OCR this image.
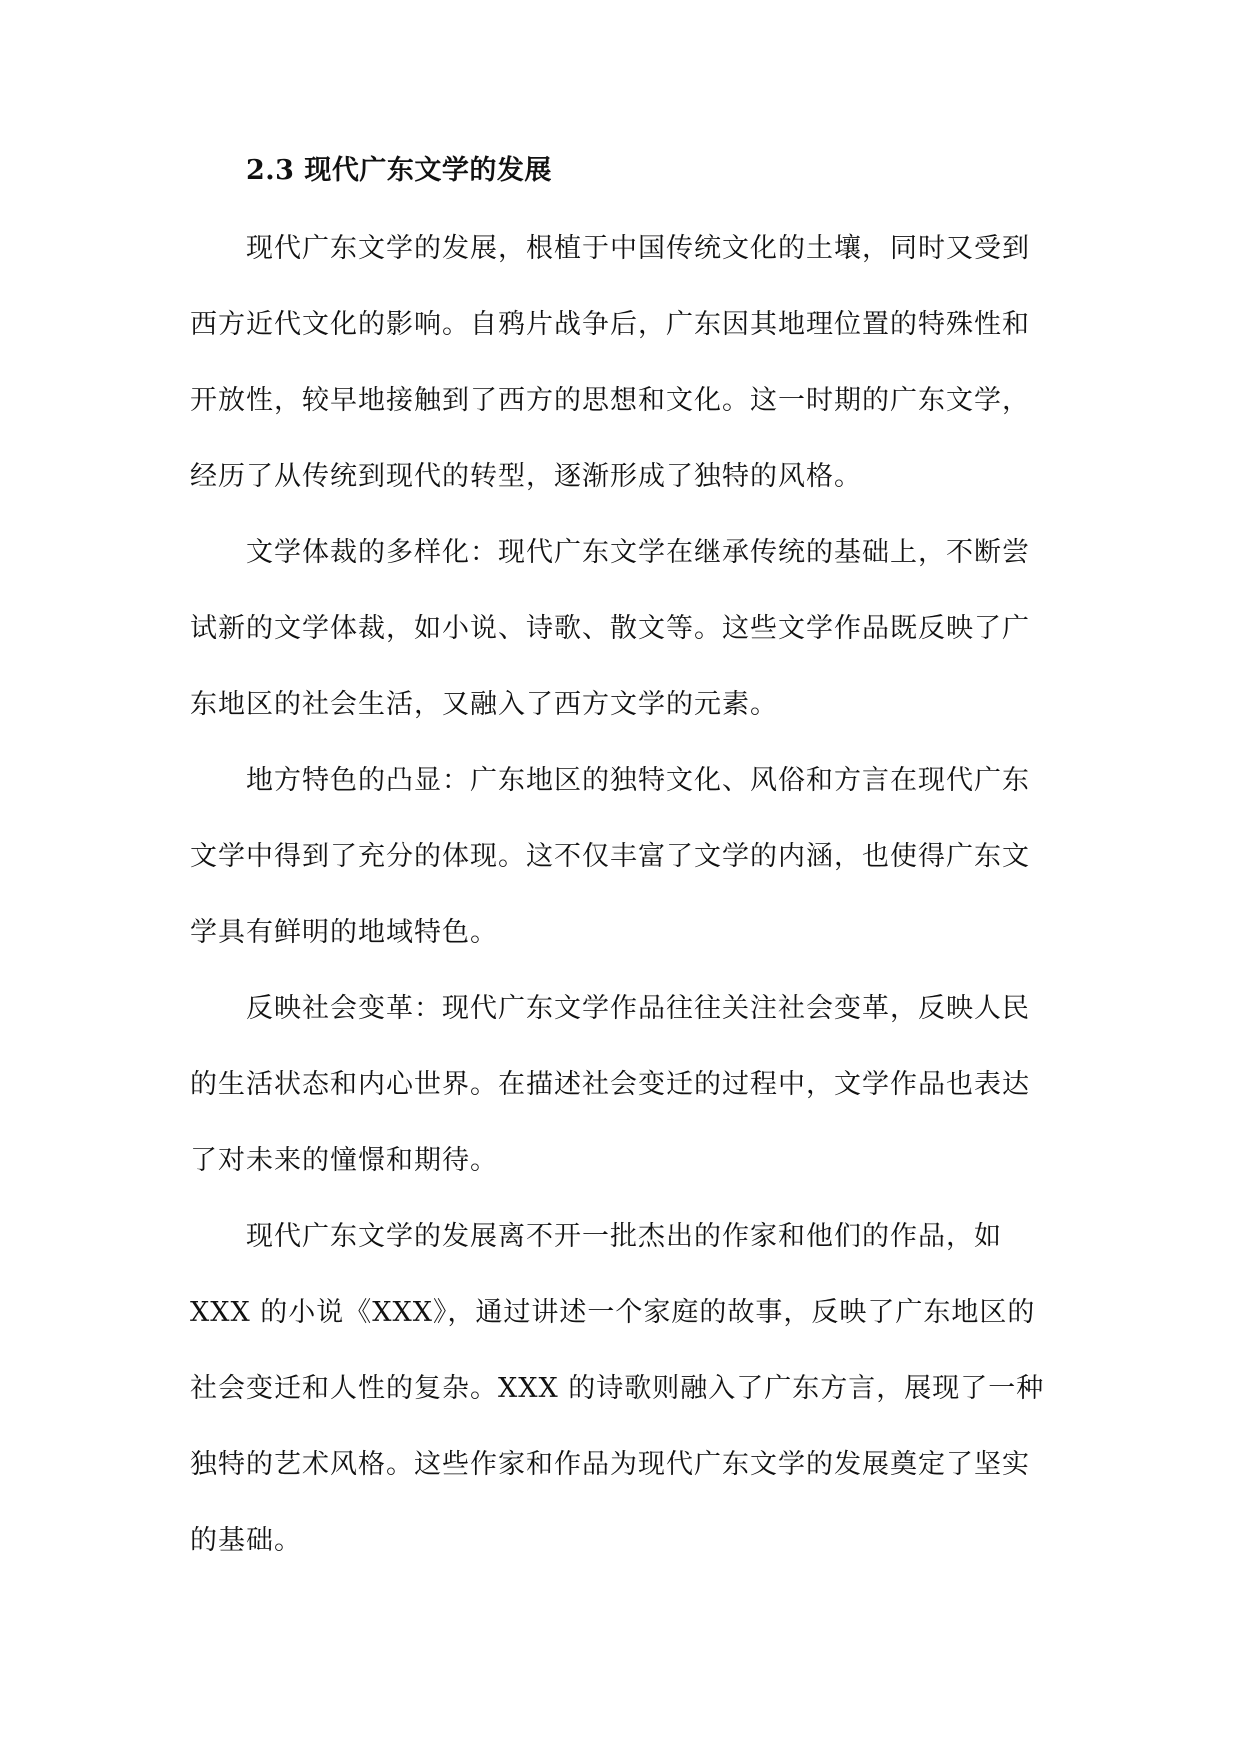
2.3 现代广东文学的发展
现代广东文学的发展，根植于中国传统文化的土壤，同时又受到
西方近代文化的影响。自鸦片战争后，广东因其地理位置的特殊性和
开放性，较早地接触到了西方的思想和文化。这一时期的广东文学，
经历了从传统到现代的转型，逐渐形成了独特的风格。
文学体裁的多样化：现代广东文学在继承传统的基础上，不断尝
试新的文学体裁，如小说、诗歌、散文等。这些文学作品既反映了广
东地区的社会生活，又融入了西方文学的元素。
地方特色的凸显：广东地区的独特文化、风俗和方言在现代广东
文学中得到了充分的体现。这不仅丰富了文学的内涵，也使得广东文
学具有鲜明的地域特色。
反映社会变革：现代广东文学作品往往关注社会变革，反映人民
的生活状态和内心世界。在描述社会变迁的过程中，文学作品也表达
了对未来的憧憬和期待。
现代广东文学的发展离不开一批杰出的作家和他们的作品，如
XXX 的小说《XXX》，通过讲述一个家庭的故事，反映了广东地区的
社会变迁和人性的复杂。XXX 的诗歌则融入了广东方言，展现了一种
独特的艺术风格。这些作家和作品为现代广东文学的发展奠定了坚实
的基础。
